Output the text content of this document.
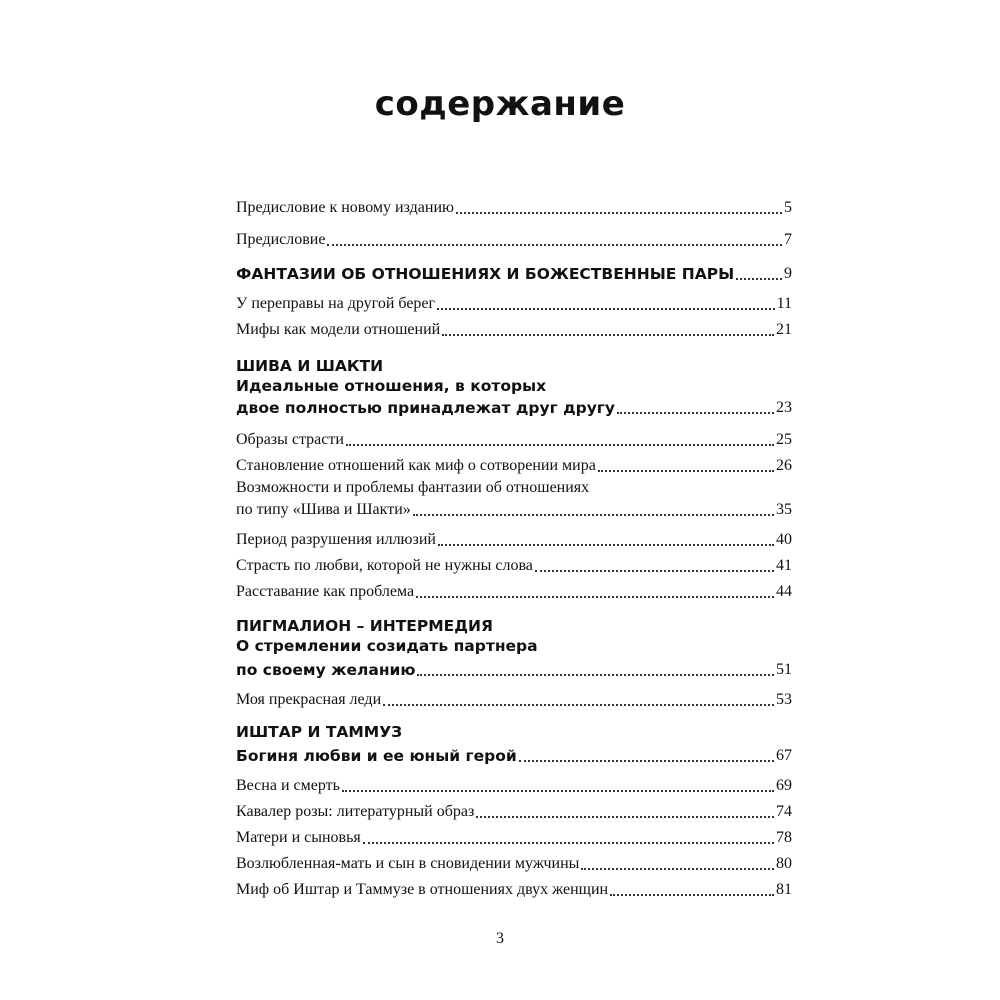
содержание
Предисловие к новому изданию	5
Предисловие	7
ФАНТАЗИИ ОБ ОТНОШЕНИЯХ И БОЖЕСТВЕННЫЕ ПАРЫ	9
У переправы на другой берег	11
Мифы как модели отношений	21
ШИВА И ШАКТИ
Идеальные отношения, в которых
двое полностью принадлежат друг другу	23
Образы страсти	25
Становление отношений как миф о сотворении мира	26
Возможности и проблемы фантазии об отношениях
по типу «Шива и Шакти»	35
Период разрушения иллюзий	40
Страсть по любви, которой не нужны слова	41
Расставание как проблема	44
ПИГМАЛИОН – ИНТЕРМЕДИЯ
О стремлении созидать партнера
по своему желанию	51
Моя прекрасная леди	53
ИШТАР И ТАММУЗ
Богиня любви и ее юный герой	67
Весна и смерть	69
Кавалер розы: литературный образ	74
Матери и сыновья	78
Возлюбленная-мать и сын в сновидении мужчины	80
Миф об Иштар и Таммузе в отношениях двух женщин	81
3
